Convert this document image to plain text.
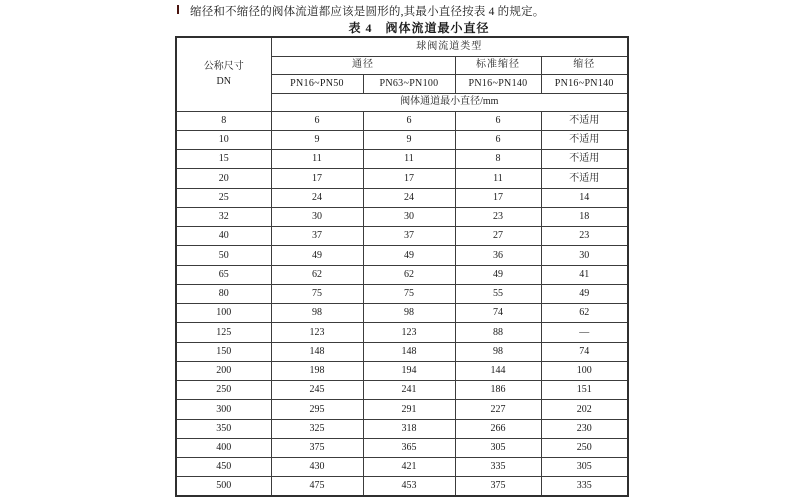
缩径和不缩径的阀体流道都应该是圆形的,其最小直径按表 4 的规定。
表 4　阀体流道最小直径
公称尺寸
DN	球阀流道类型			
	通径		标准缩径	缩径
	PN16~PN50	PN63~PN100	PN16~PN140	PN16~PN140
	阀体通道最小直径/mm			
8	6	6	6	不适用
10	9	9	6	不适用
15	11	11	8	不适用
20	17	17	11	不适用
25	24	24	17	14
32	30	30	23	18
40	37	37	27	23
50	49	49	36	30
65	62	62	49	41
80	75	75	55	49
100	98	98	74	62
125	123	123	88	—
150	148	148	98	74
200	198	194	144	100
250	245	241	186	151
300	295	291	227	202
350	325	318	266	230
400	375	365	305	250
450	430	421	335	305
500	475	453	375	335
